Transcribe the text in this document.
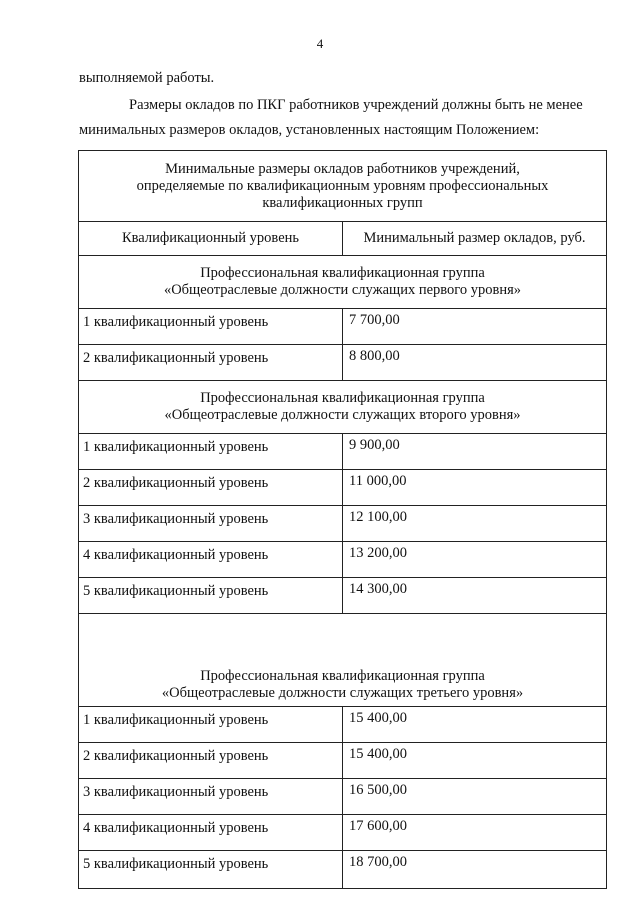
4
выполняемой работы.
Размеры окладов по ПКГ работников учреждений должны быть не менее
минимальных размеров окладов, установленных настоящим Положением:
Минимальные размеры окладов работников учреждений,
определяемые по квалификационным уровням профессиональных
квалификационных групп	

Квалификационный уровень	Минимальный размер окладов, руб.

Профессиональная квалификационная группа
«Общеотраслевые должности служащих первого уровня»	

1 квалификационный уровень	7 700,00
2 квалификационный уровень	8 800,00

Профессиональная квалификационная группа
«Общеотраслевые должности служащих второго уровня»	

1 квалификационный уровень	9 900,00
2 квалификационный уровень	11 000,00
3 квалификационный уровень	12 100,00
4 квалификационный уровень	13 200,00
5 квалификационный уровень	14 300,00

Профессиональная квалификационная группа
«Общеотраслевые должности служащих третьего уровня»	

1 квалификационный уровень	15 400,00
2 квалификационный уровень	15 400,00
3 квалификационный уровень	16 500,00
4 квалификационный уровень	17 600,00
5 квалификационный уровень	18 700,00
